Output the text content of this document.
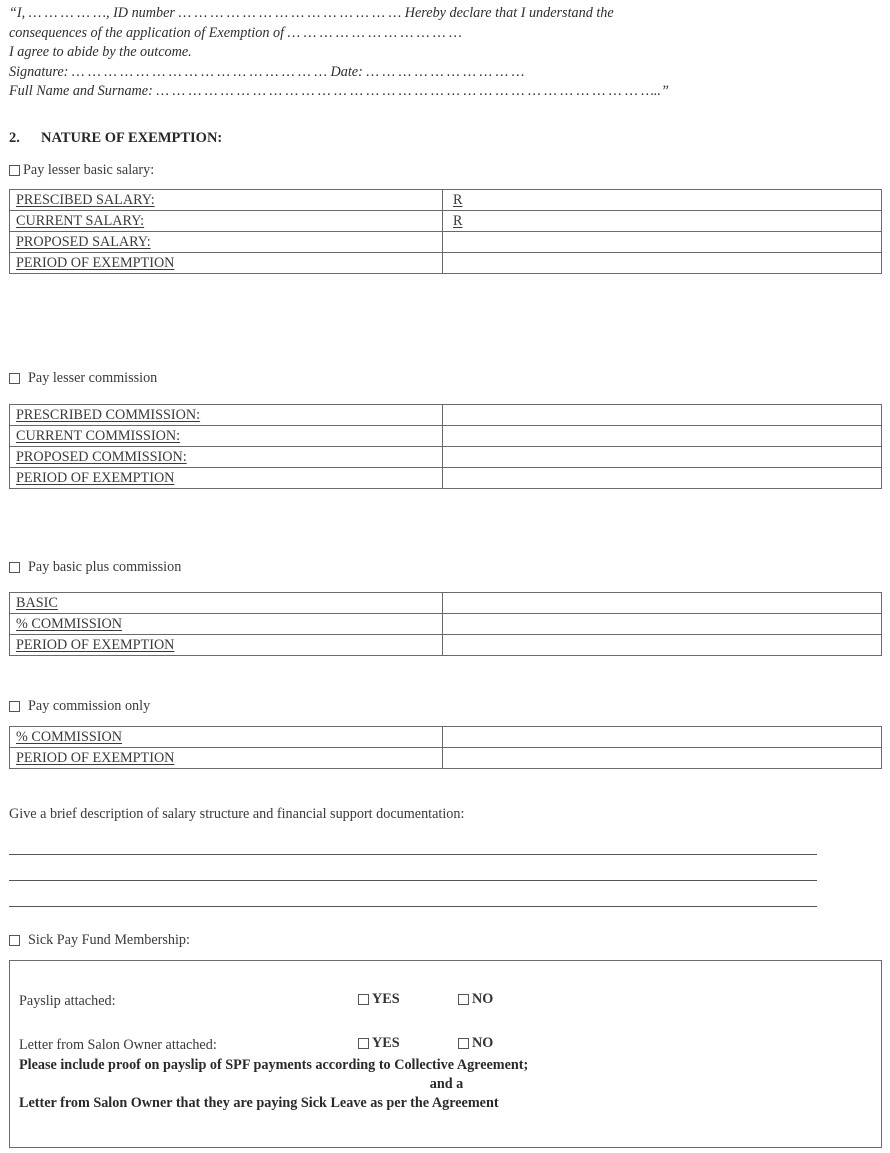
“I, … … … … …, ID number … … … … … … … … … … … … … … Hereby declare that I understand the
consequences of the application of Exemption of … … … … … … … … … … …
I agree to abide by the outcome.
Signature: … … … … … … … … … … … … … … … … Date: … … … … … … … … … …
Full Name and Surname: … … … … … … … … … … … … … … … … … … … … … … … … … … … … … … …..”
2. NATURE OF EXEMPTION:
Pay lesser basic salary:
PRESCIBED SALARY:	R
CURRENT SALARY:	R
PROPOSED SALARY:	
PERIOD OF EXEMPTION	
Pay lesser commission
PRESCRIBED COMMISSION:	
CURRENT COMMISSION:	
PROPOSED COMMISSION:	
PERIOD OF EXEMPTION	
Pay basic plus commission
BASIC	
% COMMISSION	
PERIOD OF EXEMPTION	
Pay commission only
% COMMISSION	
PERIOD OF EXEMPTION	
Give a brief description of salary structure and financial support documentation:
Sick Pay Fund Membership:
Payslip attached:	YES	NO
Letter from Salon Owner attached:	YES	NO
Please include proof on payslip of SPF payments according to Collective Agreement;
and a
Letter from Salon Owner that they are paying Sick Leave as per the Agreement
